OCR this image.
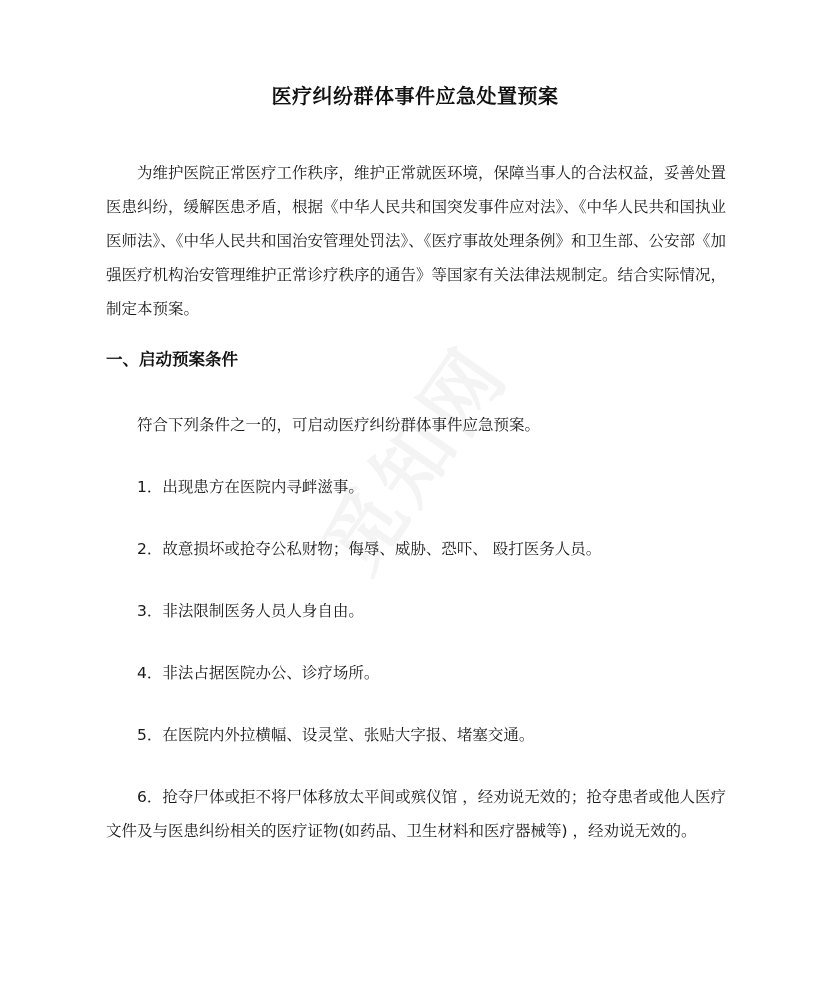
医疗纠纷群体事件应急处置预案

为维护医院正常医疗工作秩序，维护正常就医环境，保障当事人的合法权益，妥善处置医患纠纷，缓解医患矛盾，根据《中华人民共和国突发事件应对法》、《中华人民共和国执业医师法》、《中华人民共和国治安管理处罚法》、《医疗事故处理条例》和卫生部、公安部《加强医疗机构治安管理维护正常诊疗秩序的通告》等国家有关法律法规制定。结合实际情况，制定本预案。

一、启动预案条件

符合下列条件之一的，可启动医疗纠纷群体事件应急预案。

1．出现患方在医院内寻衅滋事。

2．故意损坏或抢夺公私财物；侮辱、威胁、恐吓、 殴打医务人员。

3．非法限制医务人员人身自由。

4．非法占据医院办公、诊疗场所。

5．在医院内外拉横幅、设灵堂、张贴大字报、堵塞交通。

6．抢夺尸体或拒不将尸体移放太平间或殡仪馆 ，经劝说无效的；抢夺患者或他人医疗文件及与医患纠纷相关的医疗证物(如药品、卫生材料和医疗器械等) ，经劝说无效的。
